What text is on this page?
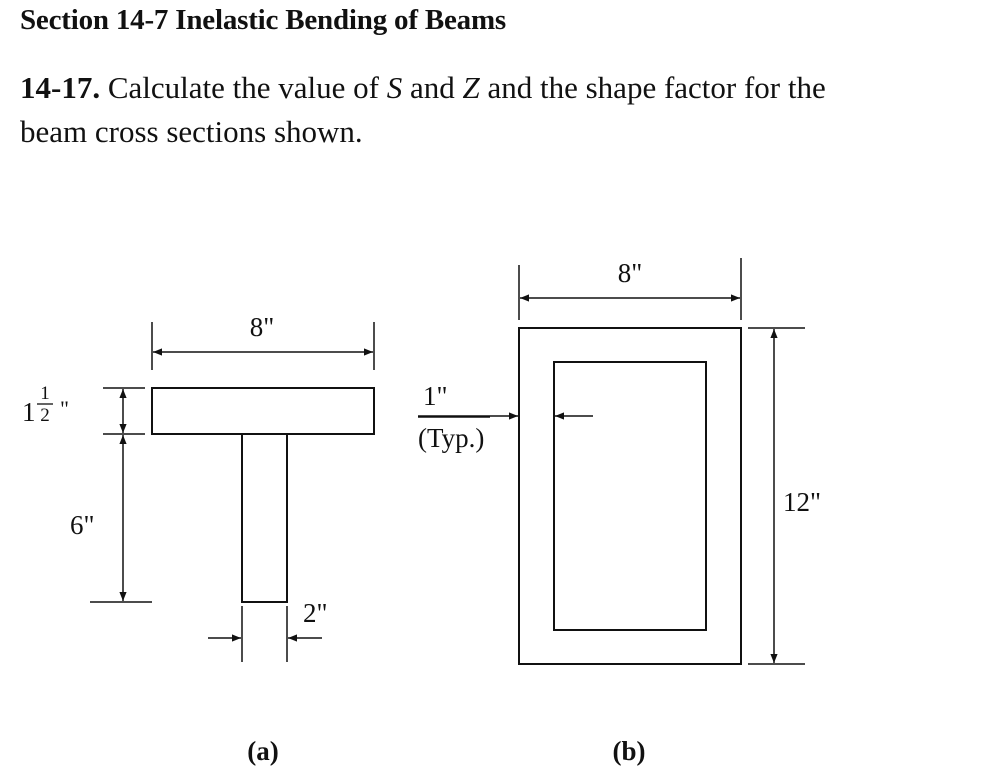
Section 14-7 Inelastic Bending of Beams
14-17. Calculate the value of S and Z and the shape factor for the
beam cross sections shown.
8"
1
1
2 "
6"
2"
(a)
8"
12"
1"
(Typ.)
(b)
